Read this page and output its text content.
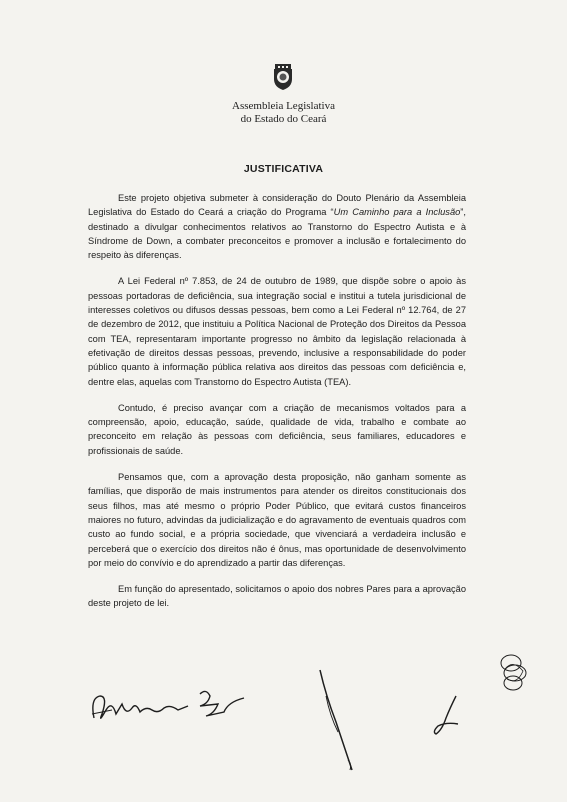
Assembleia Legislativa
do Estado do Ceará
JUSTIFICATIVA

Este projeto objetiva submeter à consideração do Douto Plenário da Assembleia Legislativa do Estado do Ceará a criação do Programa “Um Caminho para a Inclusão”, destinado a divulgar conhecimentos relativos ao Transtorno do Espectro Autista e à Síndrome de Down, a combater preconceitos e promover a inclusão e fortalecimento do respeito às diferenças.

A Lei Federal nº 7.853, de 24 de outubro de 1989, que dispõe sobre o apoio às pessoas portadoras de deficiência, sua integração social e institui a tutela jurisdicional de interesses coletivos ou difusos dessas pessoas, bem como a Lei Federal nº 12.764, de 27 de dezembro de 2012, que instituiu a Política Nacional de Proteção dos Direitos da Pessoa com TEA, representaram importante progresso no âmbito da legislação relacionada à efetivação de direitos dessas pessoas, prevendo, inclusive a responsabilidade do poder público quanto à informação pública relativa aos direitos das pessoas com deficiência e, dentre elas, aquelas com Transtorno do Espectro Autista (TEA).

Contudo, é preciso avançar com a criação de mecanismos voltados para a compreensão, apoio, educação, saúde, qualidade de vida, trabalho e combate ao preconceito em relação às pessoas com deficiência, seus familiares, educadores e profissionais de saúde.

Pensamos que, com a aprovação desta proposição, não ganham somente as famílias, que disporão de mais instrumentos para atender os direitos constitucionais dos seus filhos, mas até mesmo o próprio Poder Público, que evitará custos financeiros maiores no futuro, advindas da judicialização e do agravamento de eventuais quadros com custo ao fundo social, e a própria sociedade, que vivenciará a verdadeira inclusão e perceberá que o exercício dos direitos não é ônus, mas oportunidade de desenvolvimento por meio do convívio e do aprendizado a partir das diferenças.

Em função do apresentado, solicitamos o apoio dos nobres Pares para a aprovação deste projeto de lei.
